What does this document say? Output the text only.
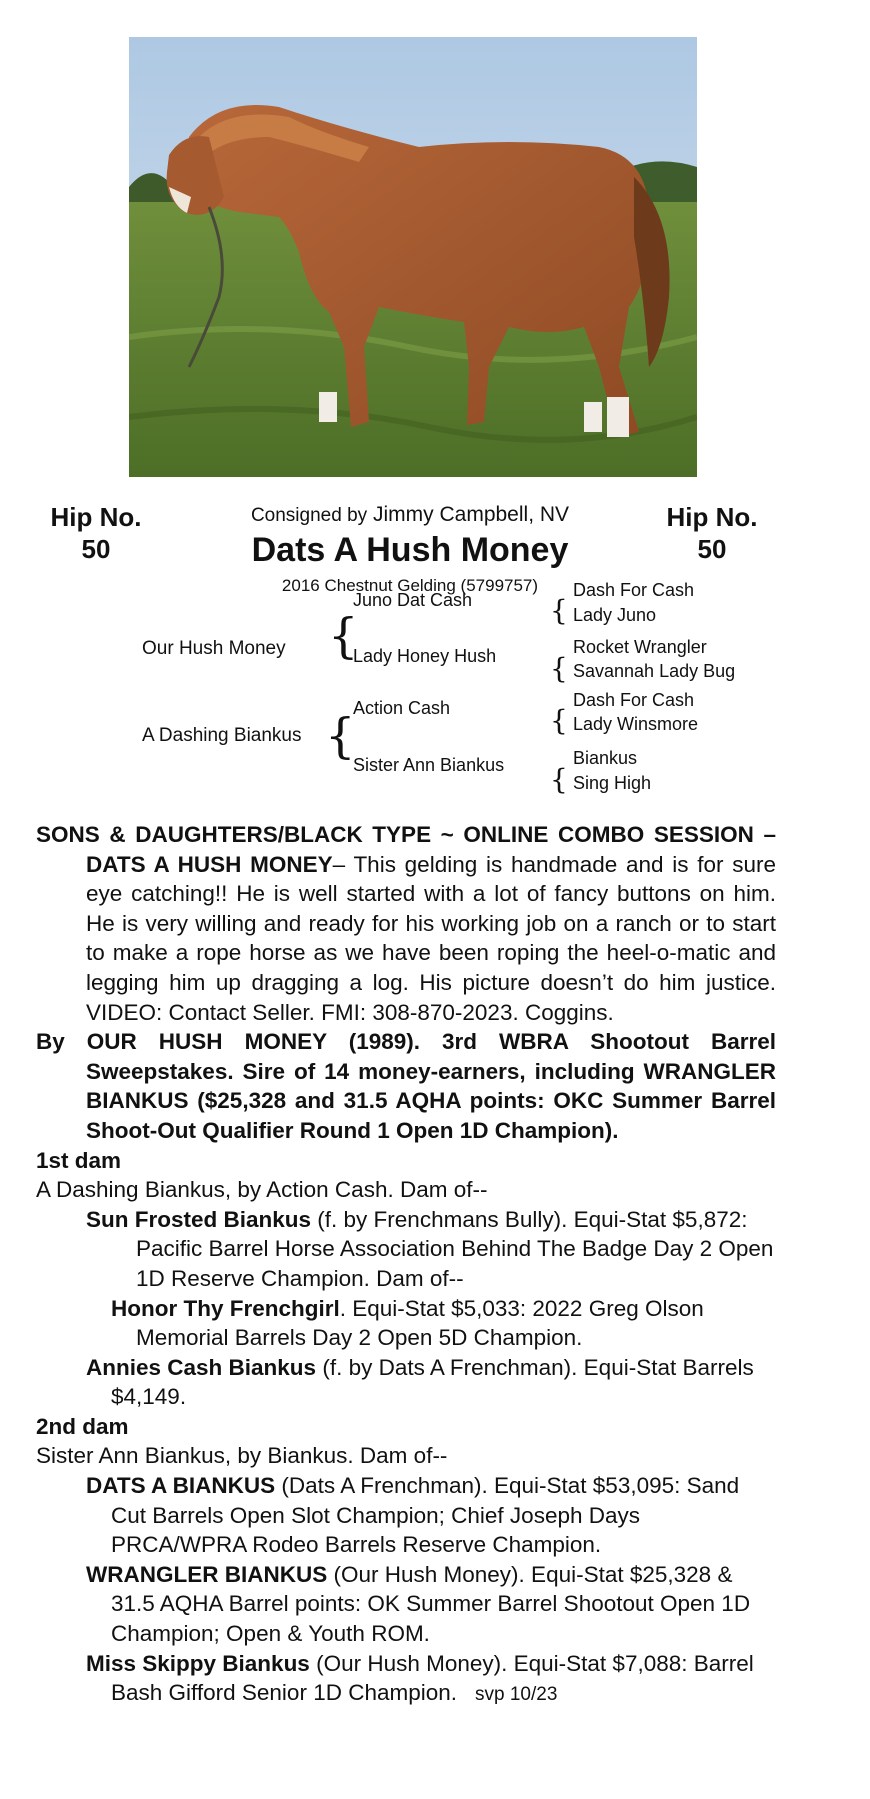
Hip No.
50
Hip No.
50
Consigned by Jimmy Campbell, NV
Dats A Hush Money
2016 Chestnut Gelding (5799757)
Our Hush Money {
Juno Dat Cash
Lady Honey Hush
{
Dash For Cash
Lady Juno
{
Rocket Wrangler
Savannah Lady Bug
A Dashing Biankus {
Action Cash
Sister Ann Biankus
{
Dash For Cash
Lady Winsmore
{
Biankus
Sing High

SONS & DAUGHTERS/BLACK TYPE ~ ONLINE COMBO SESSION – DATS A HUSH MONEY– This gelding is handmade and is for sure eye catching!! He is well started with a lot of fancy buttons on him. He is very willing and ready for his working job on a ranch or to start to make a rope horse as we have been roping the heel-o-matic and legging him up dragging a log. His picture doesn’t do him justice. VIDEO: Contact Seller. FMI: 308-870-2023. Coggins.

By OUR HUSH MONEY (1989). 3rd WBRA Shootout Barrel Sweepstakes. Sire of 14 money-earners, including WRANGLER BIANKUS ($25,328 and 31.5 AQHA points: OKC Summer Barrel Shoot-Out Qualifier Round 1 Open 1D Champion).

1st dam

A Dashing Biankus, by Action Cash. Dam of--

Sun Frosted Biankus (f. by Frenchmans Bully). Equi-Stat $5,872: Pacific Barrel Horse Association Behind The Badge Day 2 Open 1D Reserve Champion. Dam of--

Honor Thy Frenchgirl. Equi-Stat $5,033: 2022 Greg Olson Memorial Barrels Day 2 Open 5D Champion.

Annies Cash Biankus (f. by Dats A Frenchman). Equi-Stat Barrels $4,149.

2nd dam

Sister Ann Biankus, by Biankus. Dam of--

DATS A BIANKUS (Dats A Frenchman). Equi-Stat $53,095: Sand Cut Barrels Open Slot Champion; Chief Joseph Days PRCA/WPRA Rodeo Barrels Reserve Champion.

WRANGLER BIANKUS (Our Hush Money). Equi-Stat $25,328 & 31.5 AQHA Barrel points: OK Summer Barrel Shootout Open 1D Champion; Open & Youth ROM.

Miss Skippy Biankus (Our Hush Money). Equi-Stat $7,088: Barrel Bash Gifford Senior 1D Champion. svp 10/23
